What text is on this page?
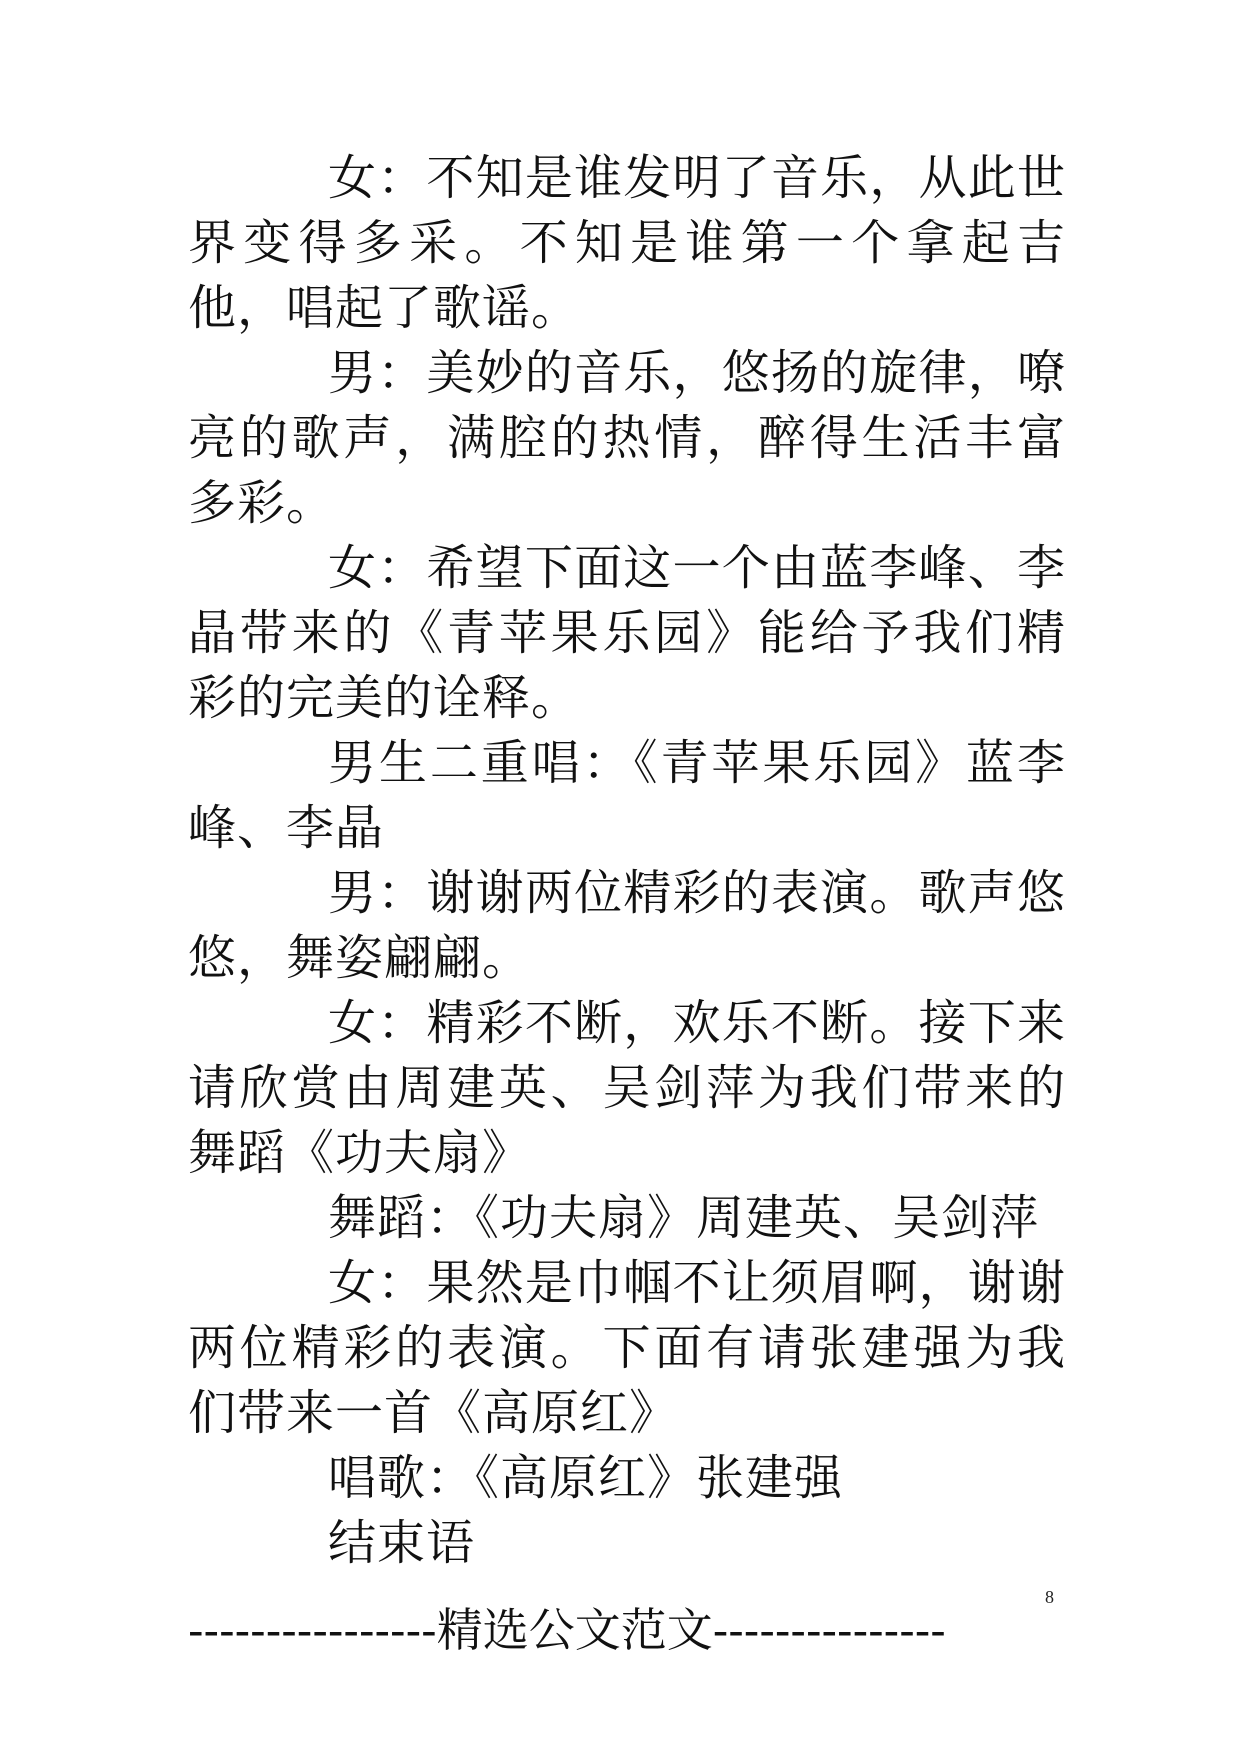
女：不知是谁发明了音乐，从此世界变得多采。不知是谁第一个拿起吉他，唱起了歌谣。

男：美妙的音乐，悠扬的旋律，嘹亮的歌声，满腔的热情，醉得生活丰富多彩。

女：希望下面这一个由蓝李峰、李晶带来的《青苹果乐园》能给予我们精彩的完美的诠释。

男生二重唱：《青苹果乐园》蓝李峰、李晶

男：谢谢两位精彩的表演。歌声悠悠，舞姿翩翩。

女：精彩不断，欢乐不断。接下来请欣赏由周建英、吴剑萍为我们带来的舞蹈《功夫扇》

舞蹈：《功夫扇》周建英、吴剑萍

女：果然是巾帼不让须眉啊，谢谢两位精彩的表演。下面有请张建强为我们带来一首《高原红》

唱歌：《高原红》张建强

结束语

8
----------------精选公文范文---------------
